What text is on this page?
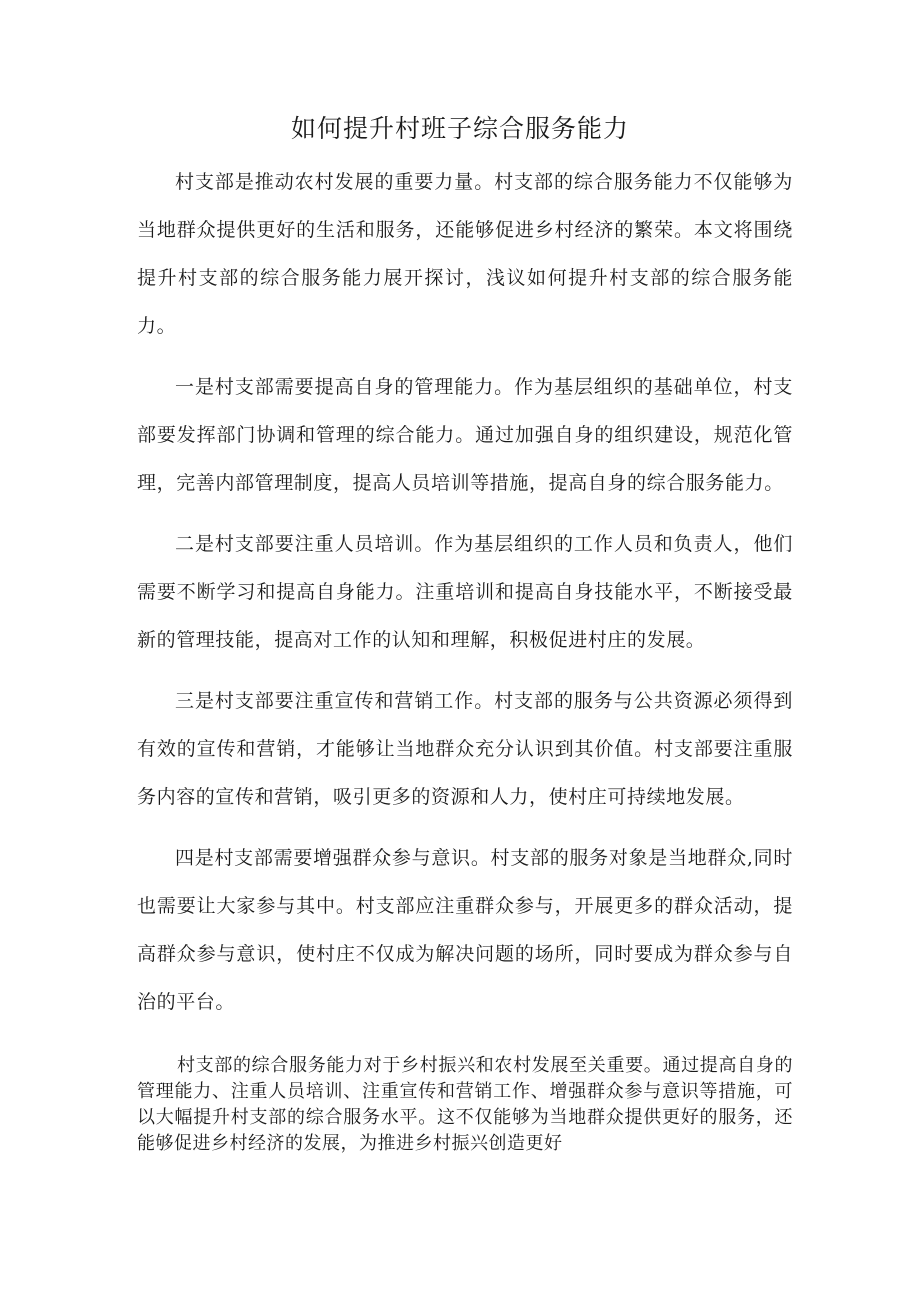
如何提升村班子综合服务能力

村支部是推动农村发展的重要力量。村支部的综合服务能力不仅能够为当地群众提供更好的生活和服务，还能够促进乡村经济的繁荣。本文将围绕提升村支部的综合服务能力展开探讨，浅议如何提升村支部的综合服务能力。

一是村支部需要提高自身的管理能力。作为基层组织的基础单位，村支部要发挥部门协调和管理的综合能力。通过加强自身的组织建设，规范化管理，完善内部管理制度，提高人员培训等措施，提高自身的综合服务能力。

二是村支部要注重人员培训。作为基层组织的工作人员和负责人，他们需要不断学习和提高自身能力。注重培训和提高自身技能水平，不断接受最新的管理技能，提高对工作的认知和理解，积极促进村庄的发展。

三是村支部要注重宣传和营销工作。村支部的服务与公共资源必须得到有效的宣传和营销，才能够让当地群众充分认识到其价值。村支部要注重服务内容的宣传和营销，吸引更多的资源和人力，使村庄可持续地发展。

四是村支部需要增强群众参与意识。村支部的服务对象是当地群众,同时也需要让大家参与其中。村支部应注重群众参与，开展更多的群众活动，提高群众参与意识，使村庄不仅成为解决问题的场所，同时要成为群众参与自治的平台。

村支部的综合服务能力对于乡村振兴和农村发展至关重要。通过提高自身的管理能力、注重人员培训、注重宣传和营销工作、增强群众参与意识等措施，可以大幅提升村支部的综合服务水平。这不仅能够为当地群众提供更好的服务，还能够促进乡村经济的发展，为推进乡村振兴创造更好
